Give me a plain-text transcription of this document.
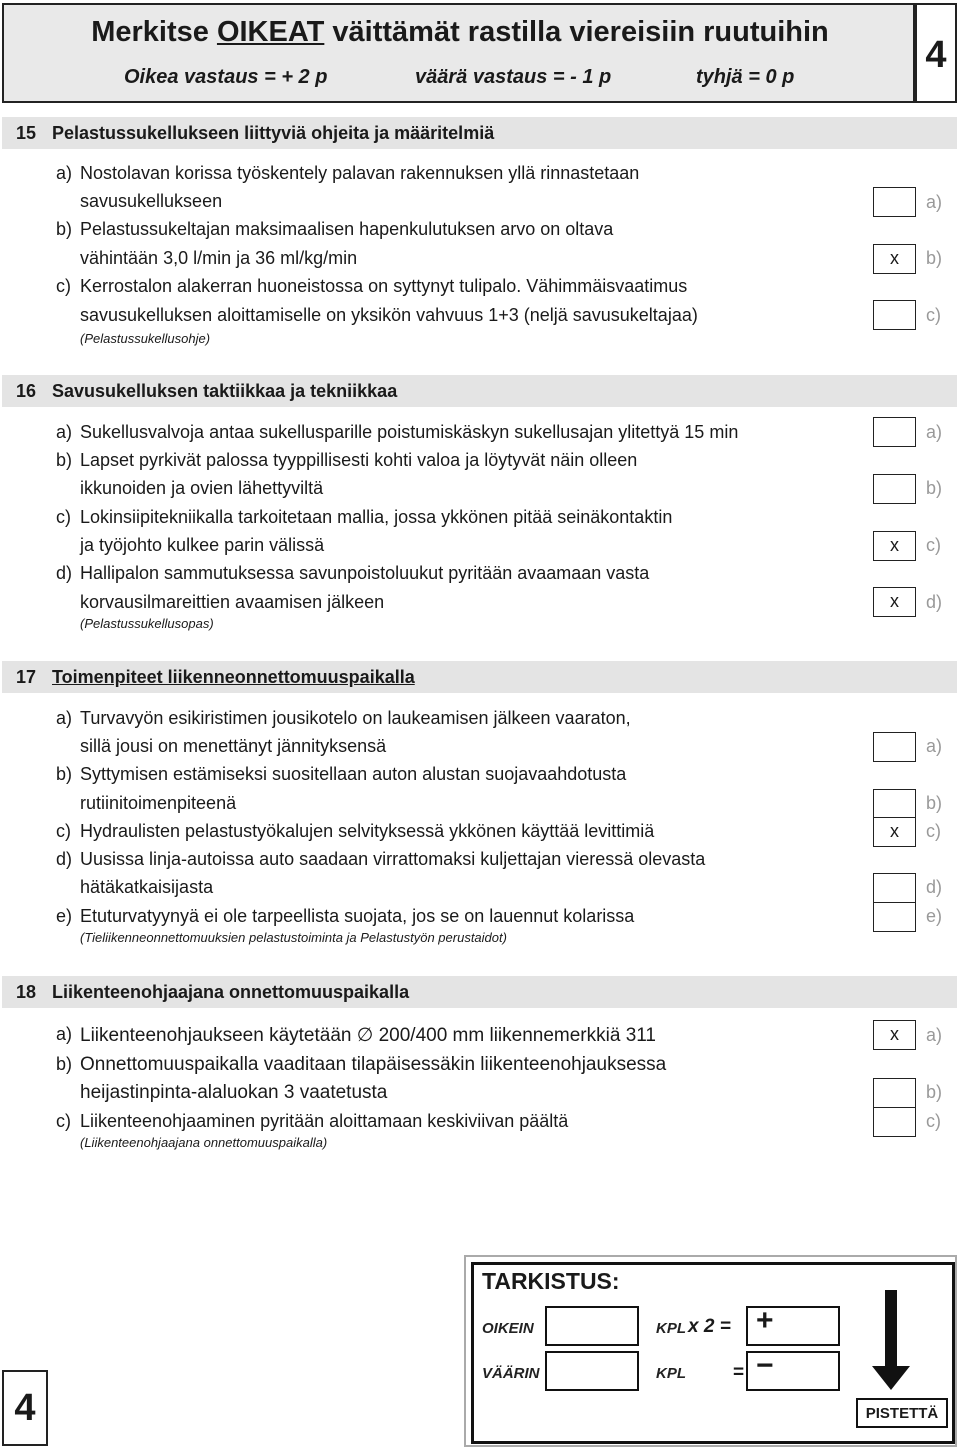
Merkitse OIKEAT väittämät rastilla viereisiin ruutuihin
Oikea vastaus = + 2 p	väärä vastaus = - 1 p	tyhjä = 0 p
4
15 Pelastussukellukseen liittyviä ohjeita ja määritelmiä
a) Nostolavan korissa työskentely palavan rakennuksen yllä rinnastetaan
savusukellukseen	a)
b) Pelastussukeltajan maksimaalisen hapenkulutuksen arvo on oltava
vähintään 3,0 l/min ja 36 ml/kg/min	x	b)
c) Kerrostalon alakerran huoneistossa on syttynyt tulipalo. Vähimmäisvaatimus
savusukelluksen aloittamiselle on yksikön vahvuus 1+3 (neljä savusukeltajaa)	c)
(Pelastussukellusohje)
16 Savusukelluksen taktiikkaa ja tekniikkaa
a) Sukellusvalvoja antaa sukellusparille poistumiskäskyn sukellusajan ylitettyä 15 min	a)
b) Lapset pyrkivät palossa tyyppillisesti kohti valoa ja löytyvät näin olleen
ikkunoiden ja ovien lähettyviltä	b)
c) Lokinsiipitekniikalla tarkoitetaan mallia, jossa ykkönen pitää seinäkontaktin
ja työjohto kulkee parin välissä	x	c)
d) Hallipalon sammutuksessa savunpoistoluukut pyritään avaamaan vasta
korvausilmareittien avaamisen jälkeen	x	d)
(Pelastussukellusopas)
17 Toimenpiteet liikenneonnettomuuspaikalla
a) Turvavyön esikiristimen jousikotelo on laukeamisen jälkeen vaaraton,
sillä jousi on menettänyt jännityksensä	a)
b) Syttymisen estämiseksi suositellaan auton alustan suojavaahdotusta
rutiinitoimenpiteenä	b)
c) Hydraulisten pelastustyökalujen selvityksessä ykkönen käyttää levittimiä	x	c)
d) Uusissa linja-autoissa auto saadaan virrattomaksi kuljettajan vieressä olevasta
hätäkatkaisijasta	d)
e) Etuturvatyynyä ei ole tarpeellista suojata, jos se on lauennut kolarissa	e)
(Tieliikenneonnettomuuksien pelastustoiminta ja Pelastustyön perustaidot)
18 Liikenteenohjaajana onnettomuuspaikalla
a) Liikenteenohjaukseen käytetään ∅ 200/400 mm liikennemerkkiä 311	x	a)
b) Onnettomuuspaikalla vaaditaan tilapäisessäkin liikenteenohjauksessa
heijastinpinta-alaluokan 3 vaatetusta	b)
c) Liikenteenohjaaminen pyritään aloittamaan keskiviivan päältä	c)
(Liikenteenohjaajana onnettomuuspaikalla)
4
TARKISTUS:
OIKEIN	KPL x 2 = +
VÄÄRIN	KPL = −
PISTETTÄ
